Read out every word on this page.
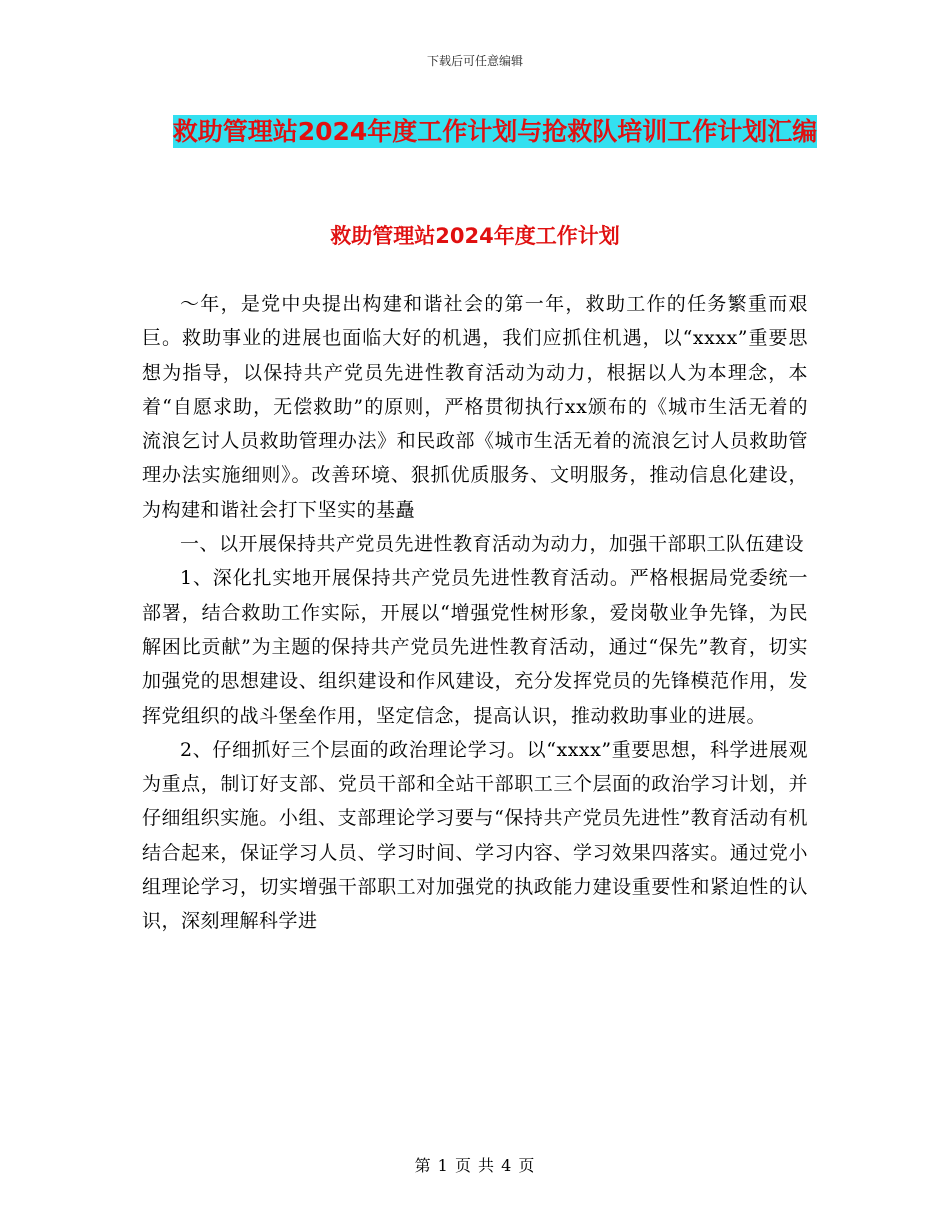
下载后可任意编辑
救助管理站2024年度工作计划与抢救队培训工作计划汇编
救助管理站2024年度工作计划

～年，是党中央提出构建和谐社会的第一年，救助工作的任务繁重而艰巨。救助事业的进展也面临大好的机遇，我们应抓住机遇，以“xxxx”重要思想为指导，以保持共产党员先进性教育活动为动力，根据以人为本理念，本着“自愿求助，无偿救助”的原则，严格贯彻执行xx颁布的《城市生活无着的流浪乞讨人员救助管理办法》和民政部《城市生活无着的流浪乞讨人员救助管理办法实施细则》。改善环境、狠抓优质服务、文明服务，推动信息化建设，为构建和谐社会打下坚实的基矗

一、以开展保持共产党员先进性教育活动为动力，加强干部职工队伍建设

1、深化扎实地开展保持共产党员先进性教育活动。严格根据局党委统一部署，结合救助工作实际，开展以“增强党性树形象，爱岗敬业争先锋，为民解困比贡献”为主题的保持共产党员先进性教育活动，通过“保先”教育，切实加强党的思想建设、组织建设和作风建设，充分发挥党员的先锋模范作用，发挥党组织的战斗堡垒作用，坚定信念，提高认识，推动救助事业的进展。

2、仔细抓好三个层面的政治理论学习。以“xxxx”重要思想，科学进展观为重点，制订好支部、党员干部和全站干部职工三个层面的政治学习计划，并仔细组织实施。小组、支部理论学习要与“保持共产党员先进性”教育活动有机结合起来，保证学习人员、学习时间、学习内容、学习效果四落实。通过党小组理论学习，切实增强干部职工对加强党的执政能力建设重要性和紧迫性的认识，深刻理解科学进

第 1 页 共 4 页
